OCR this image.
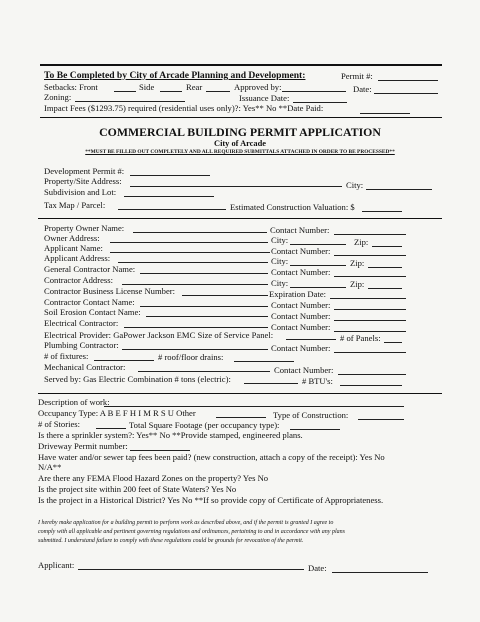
To Be Completed by City of Arcade Planning and Development:	Permit #:
Setbacks: Front	Side	Rear	Approved by:	Date:
Zoning:	Issuance Date:
Impact Fees ($1293.75) required (residential uses only)?: Yes** No **Date Paid:
COMMERCIAL BUILDING PERMIT APPLICATION
City of Arcade
**MUST BE FILLED OUT COMPLETELY AND ALL REQUIRED SUBMITTALS ATTACHED IN ORDER TO BE PROCESSED**
Development Permit #:
Property/Site Address:	City:
Subdivision and Lot:
Tax Map / Parcel:	Estimated Construction Valuation: $
Property Owner Name:	Contact Number:
Owner Address:	City:	Zip:
Applicant Name:	Contact Number:
Applicant Address:	City:	Zip:
General Contractor Name:	Contact Number:
Contractor Address:	City:	Zip:
Contractor Business License Number:	Expiration Date:
Contractor Contact Name:	Contact Number:
Soil Erosion Contact Name:	Contact Number:
Electrical Contractor:	Contact Number:
Electrical Provider: GaPower Jackson EMC Size of Service Panel:	# of Panels:
Plumbing Contractor:	Contact Number:
# of fixtures:	# roof/floor drains:
Mechanical Contractor:	Contact Number:
Served by: Gas Electric Combination # tons (electric):	# BTU's:
Description of work:
Occupancy Type: A B E F H I M R S U Other	Type of Construction:
# of Stories:	Total Square Footage (per occupancy type):
Is there a sprinkler system?: Yes** No **Provide stamped, engineered plans.
Driveway Permit number:
Have water and/or sewer tap fees been paid? (new construction, attach a copy of the receipt): Yes No
N/A**
Are there any FEMA Flood Hazard Zones on the property? Yes No
Is the project site within 200 feet of State Waters? Yes No
Is the project in a Historical District? Yes No **If so provide copy of Certificate of Appropriateness.
I hereby make application for a building permit to perform work as described above, and if the permit is granted I agree to
comply with all applicable and pertinent governing regulations and ordinances, pertaining to and in accordance with any plans
submitted. I understand failure to comply with these regulations could be grounds for revocation of the permit.
Applicant:	Date:
